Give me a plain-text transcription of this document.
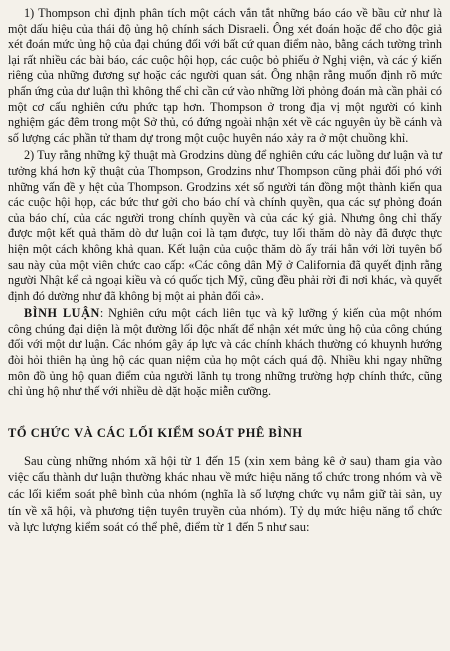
1) Thompson chỉ định phân tích một cách vắn tắt những báo cáo về bầu cử như là một dấu hiệu của thái độ ủng hộ chính sách Disraeli. Ông xét đoán hoặc để cho độc giả xét đoán mức ủng hộ của đại chúng đối với bất cứ quan điểm nào, bằng cách tường trình lại rất nhiều các bài báo, các cuộc hội họp, các cuộc bỏ phiếu ở Nghị viện, và các ý kiến riêng của những đương sự hoặc các người quan sát. Ông nhận rằng muốn định rõ mức phấn ứng của dư luận thì không thể chỉ cần cứ vào những lời phỏng đoán mà cần phải có một cơ cấu nghiên cứu phức tạp hơn. Thompson ở trong địa vị một người có kinh nghiệm gác đêm trong một Sở thủ, có đứng ngoài nhận xét về các nguyên ủy bề cánh và số lượng các phần tử tham dự trong một cuộc huyên náo xảy ra ở một chuồng khỉ.

2) Tuy rằng những kỹ thuật mà Grodzins dùng để nghiên cứu các luồng dư luận và tư tưởng khá hơn kỹ thuật của Thompson, Grodzins như Thompson cũng phải đối phó với những vấn đề y hệt của Thompson. Grodzins xét số người tán đồng một thành kiến qua các cuộc hội họp, các bức thư gởi cho báo chí và chính quyền, qua các sự phỏng đoán của báo chí, của các người trong chính quyền và của các ký giả. Nhưng ông chỉ thấy được một kết quả thăm dò dư luận coi là tạm được, tuy lối thăm dò này đã được thực hiện một cách không khả quan. Kết luận của cuộc thăm dò ấy trái hẳn với lời tuyên bố sau này của một viên chức cao cấp: «Các công dân Mỹ ở California đã quyết định rằng người Nhật kể cả ngoại kiều và có quốc tịch Mỹ, cũng đều phải rời đi nơi khác, và quyết định đó dường như đã không bị một ai phản đối cả».

BÌNH LUẬN: Nghiên cứu một cách liên tục và kỹ lưỡng ý kiến của một nhóm công chúng đại diện là một đường lối độc nhất để nhận xét mức ủng hộ của công chúng đối với một dư luận. Các nhóm gây áp lực và các chính khách thường có khuynh hướng đòi hỏi thiên hạ ủng hộ các quan niệm của họ một cách quá độ. Nhiều khi ngay những môn đồ ủng hộ quan điểm của người lãnh tụ trong những trường hợp chính thức, cũng chỉ ủng hộ như thế với nhiều dè dặt hoặc miễn cưỡng.

TỔ CHỨC VÀ CÁC LỐI KIỂM SOÁT PHÊ BÌNH

Sau cùng những nhóm xã hội từ 1 đến 15 (xin xem bảng kê ở sau) tham gia vào việc cấu thành dư luận thường khác nhau về mức hiệu năng tổ chức trong nhóm và về các lối kiểm soát phê bình của nhóm (nghĩa là số lượng chức vụ nắm giữ tài sản, uy tín về xã hội, và phương tiện tuyên truyền của nhóm). Tỷ dụ mức hiệu năng tổ chức và lực lượng kiểm soát có thể phê, điểm từ 1 đến 5 như sau:
